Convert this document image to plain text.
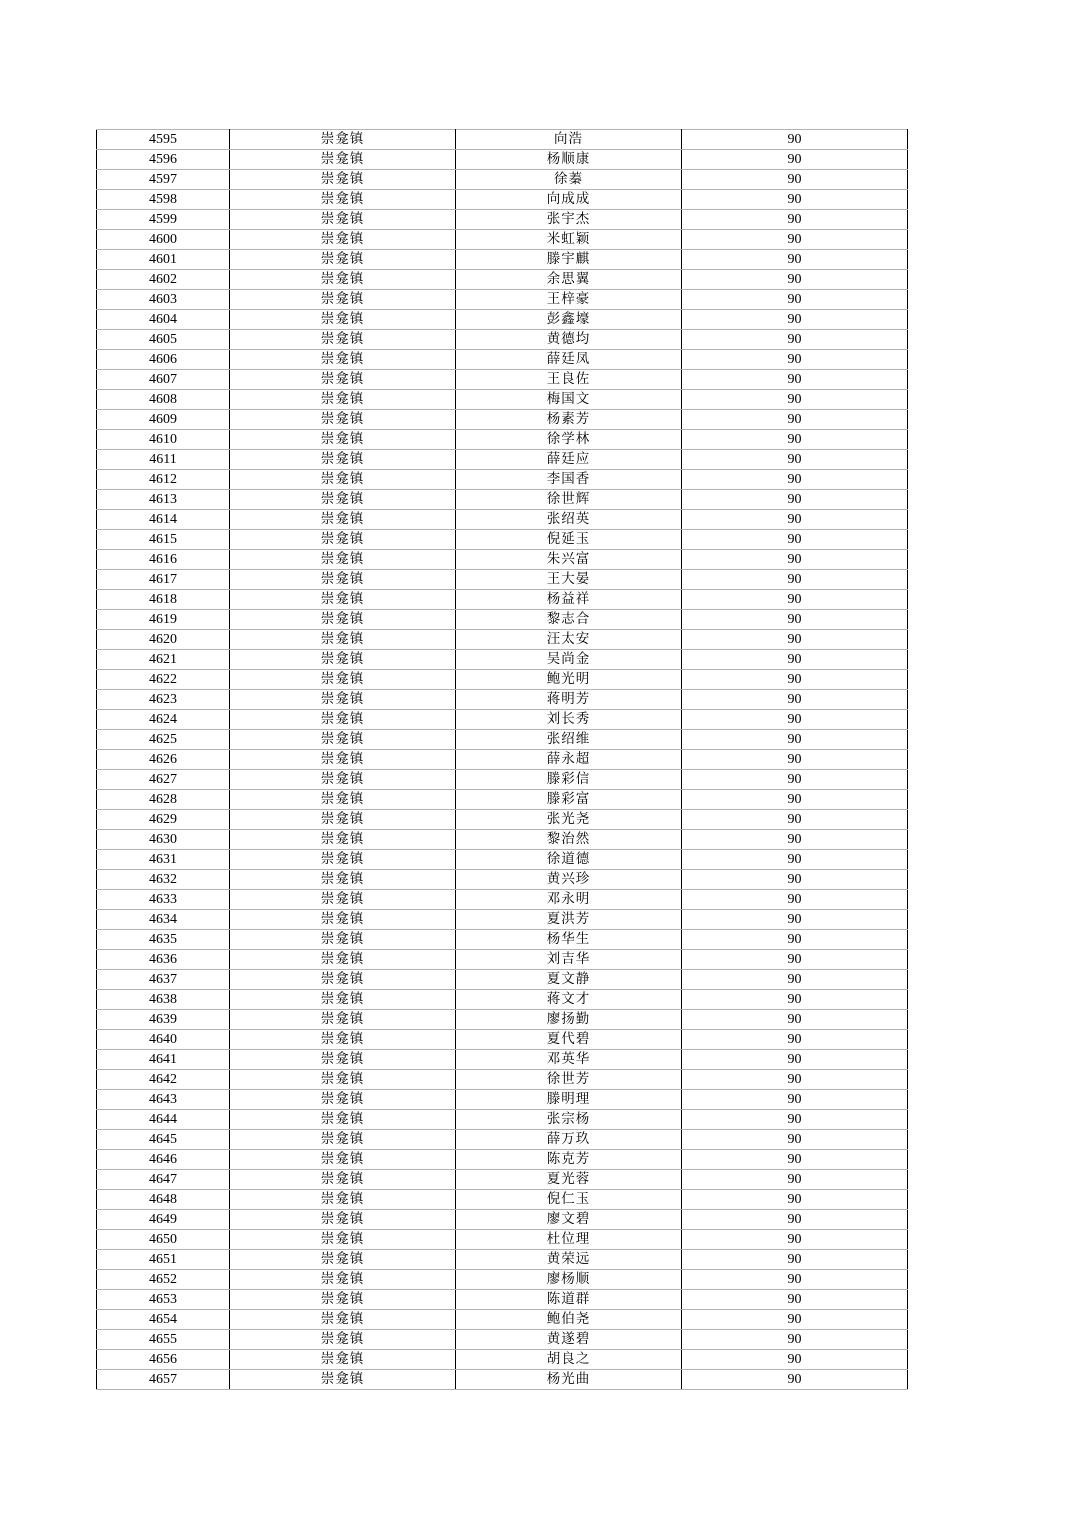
4595	崇龛镇	向浩	90
4596	崇龛镇	杨顺康	90
4597	崇龛镇	徐蓁	90
4598	崇龛镇	向成成	90
4599	崇龛镇	张宇杰	90
4600	崇龛镇	米虹颖	90
4601	崇龛镇	滕宇麒	90
4602	崇龛镇	余思翼	90
4603	崇龛镇	王梓豪	90
4604	崇龛镇	彭鑫壕	90
4605	崇龛镇	黄德均	90
4606	崇龛镇	薛廷凤	90
4607	崇龛镇	王良佐	90
4608	崇龛镇	梅国文	90
4609	崇龛镇	杨素芳	90
4610	崇龛镇	徐学林	90
4611	崇龛镇	薛廷应	90
4612	崇龛镇	李国香	90
4613	崇龛镇	徐世辉	90
4614	崇龛镇	张绍英	90
4615	崇龛镇	倪延玉	90
4616	崇龛镇	朱兴富	90
4617	崇龛镇	王大晏	90
4618	崇龛镇	杨益祥	90
4619	崇龛镇	黎志合	90
4620	崇龛镇	汪太安	90
4621	崇龛镇	吴尚金	90
4622	崇龛镇	鲍光明	90
4623	崇龛镇	蒋明芳	90
4624	崇龛镇	刘长秀	90
4625	崇龛镇	张绍维	90
4626	崇龛镇	薛永超	90
4627	崇龛镇	滕彩信	90
4628	崇龛镇	滕彩富	90
4629	崇龛镇	张光尧	90
4630	崇龛镇	黎治然	90
4631	崇龛镇	徐道德	90
4632	崇龛镇	黄兴珍	90
4633	崇龛镇	邓永明	90
4634	崇龛镇	夏洪芳	90
4635	崇龛镇	杨华生	90
4636	崇龛镇	刘吉华	90
4637	崇龛镇	夏文静	90
4638	崇龛镇	蒋文才	90
4639	崇龛镇	廖扬勤	90
4640	崇龛镇	夏代碧	90
4641	崇龛镇	邓英华	90
4642	崇龛镇	徐世芳	90
4643	崇龛镇	滕明理	90
4644	崇龛镇	张宗杨	90
4645	崇龛镇	薛万玖	90
4646	崇龛镇	陈克芳	90
4647	崇龛镇	夏光蓉	90
4648	崇龛镇	倪仁玉	90
4649	崇龛镇	廖文碧	90
4650	崇龛镇	杜位理	90
4651	崇龛镇	黄荣远	90
4652	崇龛镇	廖杨顺	90
4653	崇龛镇	陈道群	90
4654	崇龛镇	鲍伯尧	90
4655	崇龛镇	黄遂碧	90
4656	崇龛镇	胡良之	90
4657	崇龛镇	杨光曲	90
